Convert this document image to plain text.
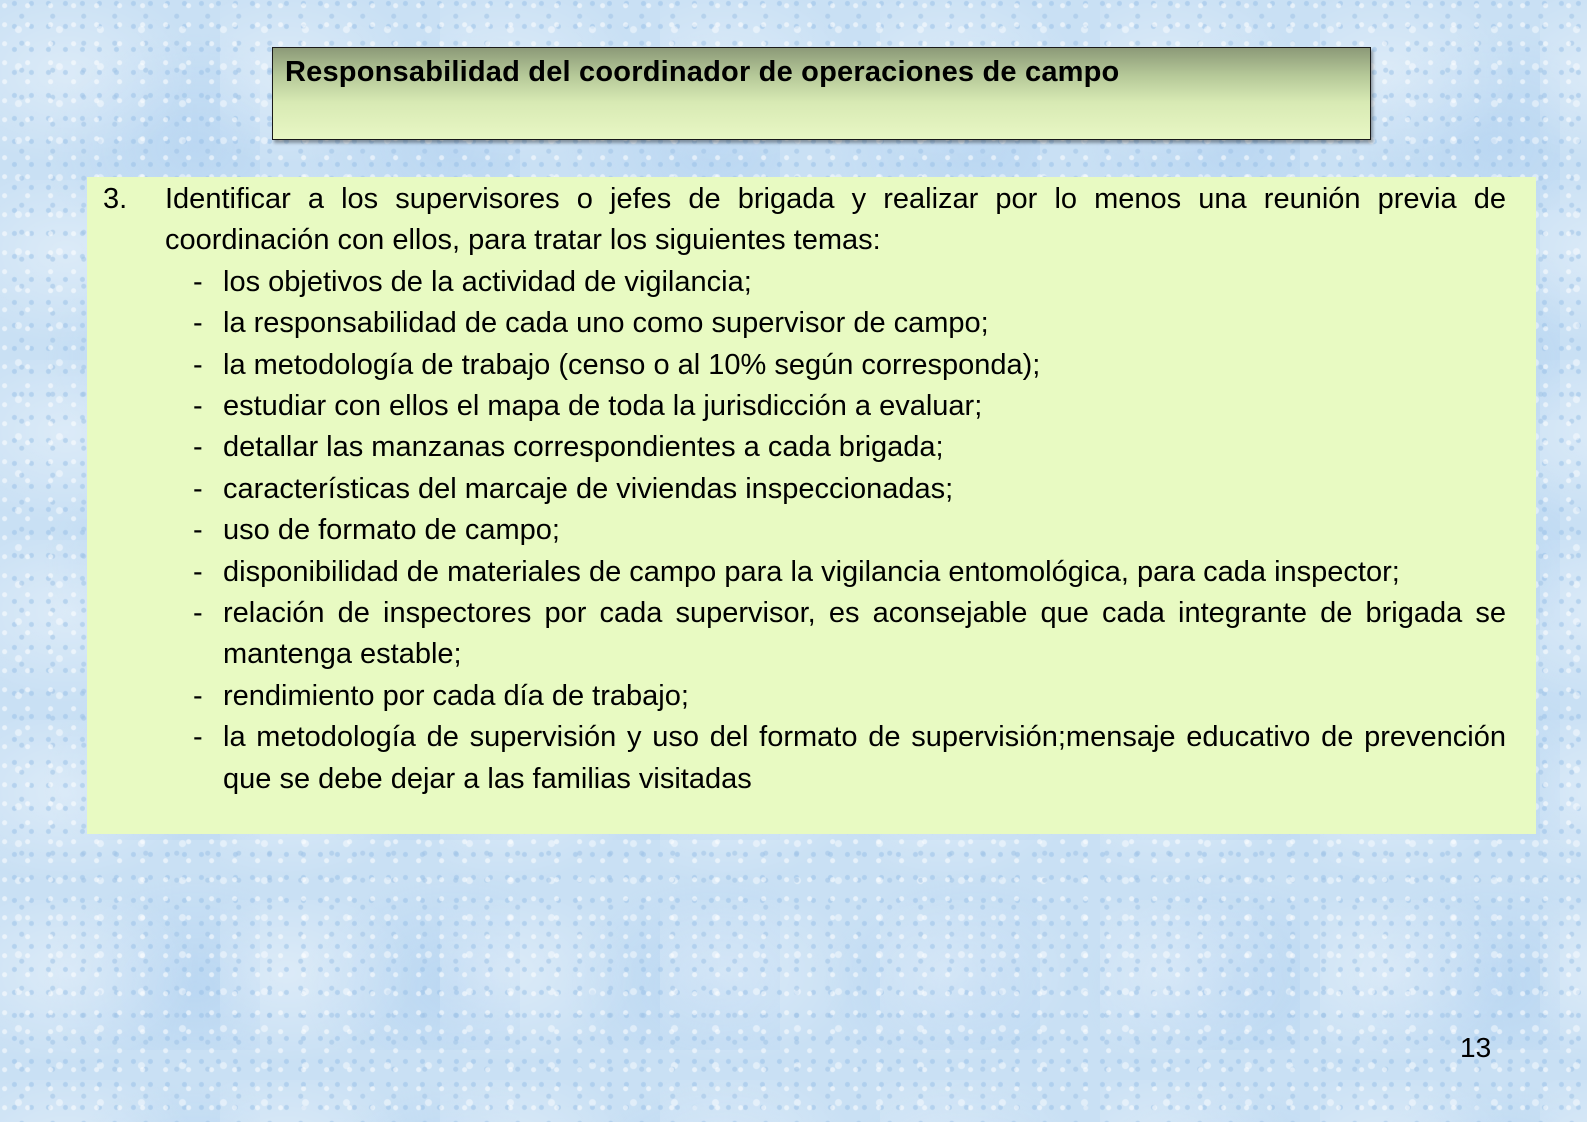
Responsabilidad del coordinador de operaciones de campo
3.	Identificar a los supervisores o jefes de brigada y realizar por lo menos una reunión previa de coordinación con ellos, para tratar los siguientes temas:
- los objetivos de la actividad de vigilancia;
- la responsabilidad de cada uno como supervisor de campo;
- la metodología de trabajo (censo o al 10% según corresponda);
- estudiar con ellos el mapa de toda la jurisdicción a evaluar;
- detallar las manzanas correspondientes a cada brigada;
- características del marcaje de viviendas inspeccionadas;
- uso de formato de campo;
- disponibilidad de materiales de campo para la vigilancia entomológica, para cada inspector;
- relación de inspectores por cada supervisor, es aconsejable que cada integrante de brigada se mantenga estable;
- rendimiento por cada día de trabajo;
- la metodología de supervisión y uso del formato de supervisión;mensaje educativo de prevención que se debe dejar a las familias visitadas
13
